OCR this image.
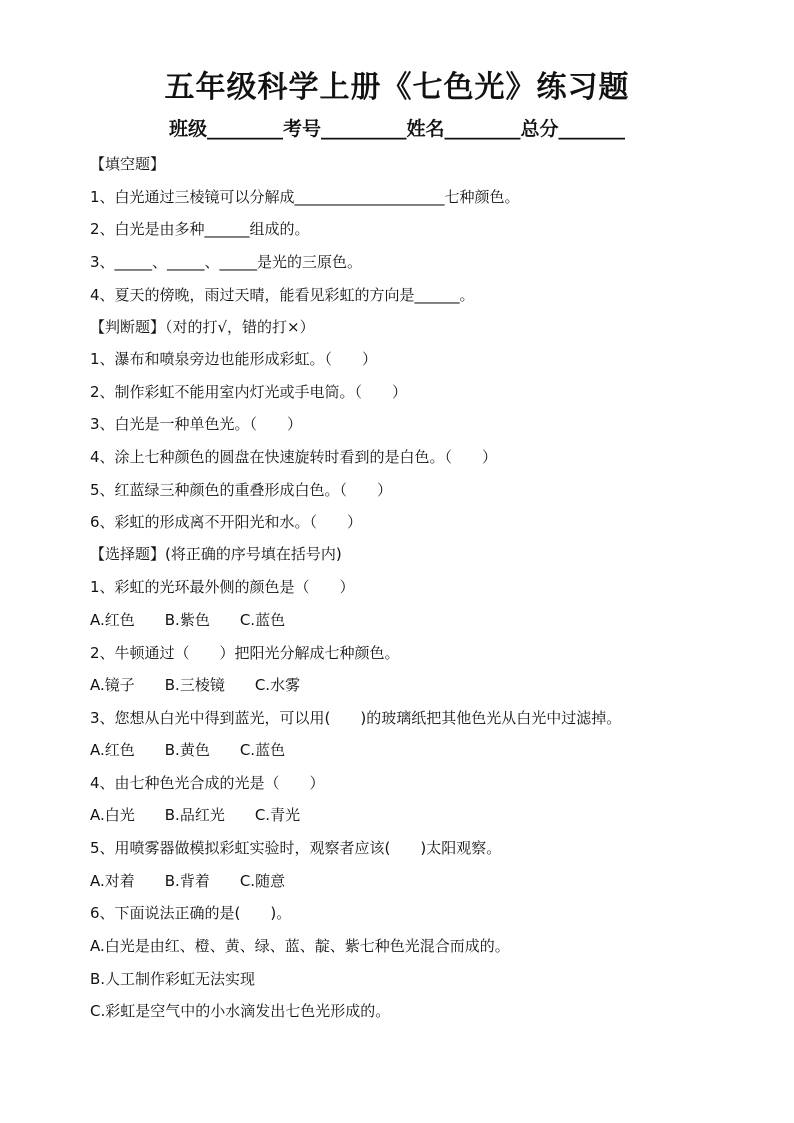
五年级科学上册《七色光》练习题
班级________考号_________姓名________总分_______
【填空题】
1、白光通过三棱镜可以分解成____________________七种颜色。
2、白光是由多种______组成的。
3、_____、_____、_____是光的三原色。
4、夏天的傍晚，雨过天晴，能看见彩虹的方向是______。
【判断题】（对的打√，错的打×）
1、瀑布和喷泉旁边也能形成彩虹。（　　）
2、制作彩虹不能用室内灯光或手电筒。（　　）
3、白光是一种单色光。（　　）
4、涂上七种颜色的圆盘在快速旋转时看到的是白色。（　　）
5、红蓝绿三种颜色的重叠形成白色。（　　）
6、彩虹的形成离不开阳光和水。（　　）
【选择题】(将正确的序号填在括号内)
1、彩虹的光环最外侧的颜色是（　　）
A.红色　　B.紫色　　C.蓝色
2、牛顿通过（　　）把阳光分解成七种颜色。
A.镜子　　B.三棱镜　　C.水雾
3、您想从白光中得到蓝光，可以用(　　)的玻璃纸把其他色光从白光中过滤掉。
A.红色　　B.黄色　　C.蓝色
4、由七种色光合成的光是（　　）
A.白光　　B.品红光　　C.青光
5、用喷雾器做模拟彩虹实验时，观察者应该(　　)太阳观察。
A.对着　　B.背着　　C.随意
6、下面说法正确的是(　　)。
A.白光是由红、橙、黄、绿、蓝、靛、紫七种色光混合而成的。
B.人工制作彩虹无法实现
C.彩虹是空气中的小水滴发出七色光形成的。
